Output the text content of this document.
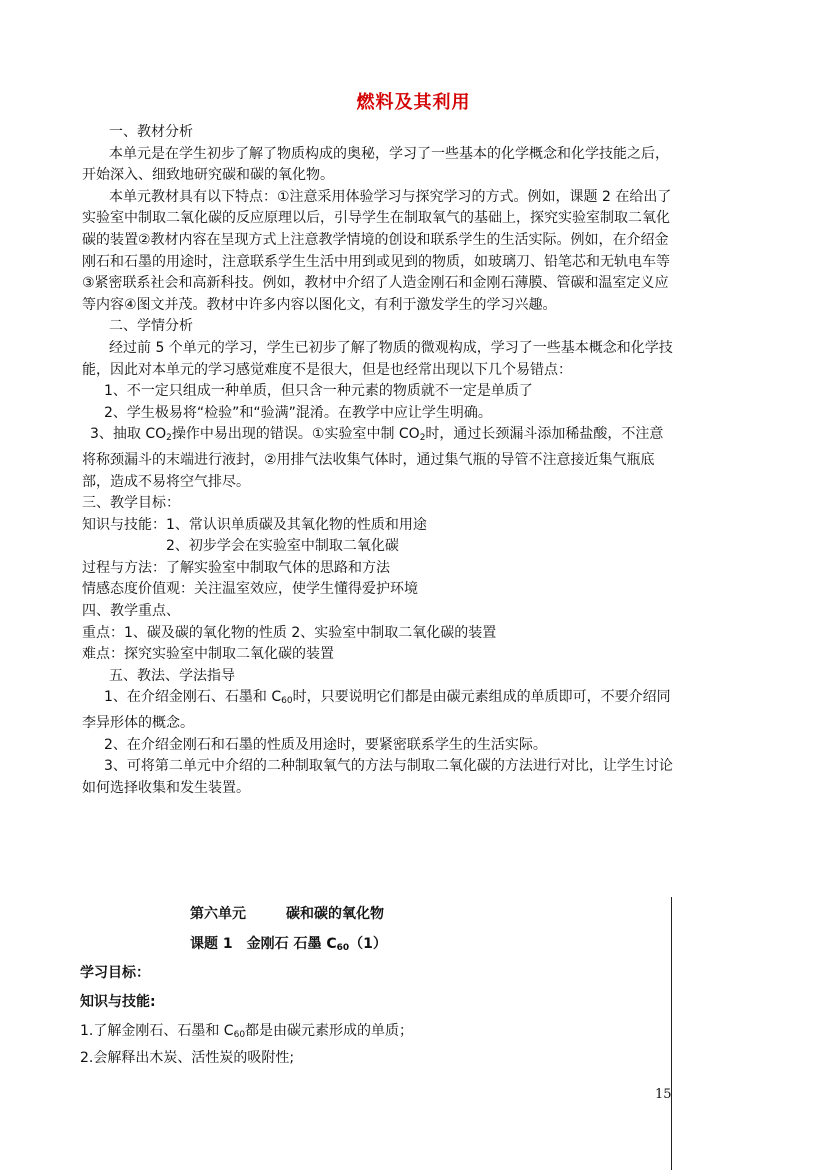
燃料及其利用

一、教材分析

本单元是在学生初步了解了物质构成的奥秘，学习了一些基本的化学概念和化学技能之后，开始深入、细致地研究碳和碳的氧化物。

本单元教材具有以下特点：①注意采用体验学习与探究学习的方式。例如，课题 2 在给出了实验室中制取二氧化碳的反应原理以后，引导学生在制取氧气的基础上，探究实验室制取二氧化碳的装置②教材内容在呈现方式上注意教学情境的创设和联系学生的生活实际。例如，在介绍金刚石和石墨的用途时，注意联系学生生活中用到或见到的物质，如玻璃刀、铅笔芯和无轨电车等③紧密联系社会和高新科技。例如，教材中介绍了人造金刚石和金刚石薄膜、管碳和温室定义应等内容④图文并茂。教材中许多内容以图化文，有利于激发学生的学习兴趣。

二、学情分析

经过前 5 个单元的学习，学生已初步了解了物质的微观构成，学习了一些基本概念和化学技能，因此对本单元的学习感觉难度不是很大，但是也经常出现以下几个易错点：

1、不一定只组成一种单质，但只含一种元素的物质就不一定是单质了

2、学生极易将“检验”和“验满”混淆。在教学中应让学生明确。

3、抽取 $CO_2$操作中易出现的错误。①实验室中制 $CO_2$时，通过长颈漏斗添加稀盐酸，不注意将称颈漏斗的末端进行液封，②用排气法收集气体时，通过集气瓶的导管不注意接近集气瓶底部，造成不易将空气排尽。

三、教学目标：

知识与技能：1、常认识单质碳及其氧化物的性质和用途

2、初步学会在实验室中制取二氧化碳

过程与方法：了解实验室中制取气体的思路和方法

情感态度价值观：关注温室效应，使学生懂得爱护环境

四、教学重点、

重点：1、碳及碳的氧化物的性质 2、实验室中制取二氧化碳的装置

难点：探究实验室中制取二氧化碳的装置

五、教法、学法指导

1、在介绍金刚石、石墨和 $C_{60}$时，只要说明它们都是由碳元素组成的单质即可，不要介绍同李异形体的概念。

2、在介绍金刚石和石墨的性质及用途时，要紧密联系学生的生活实际。

3、可将第二单元中介绍的二种制取氧气的方法与制取二氧化碳的方法进行对比，让学生讨论如何选择收集和发生装置。

第六单元	碳和碳的氧化物
课题 1　金刚石 石墨 $C_{60}(1)$
学习目标：
知识与技能:
1.了解金刚石、石墨和 $C_{60}$都是由碳元素形成的单质；
2.会解释出木炭、活性炭的吸附性;
15
